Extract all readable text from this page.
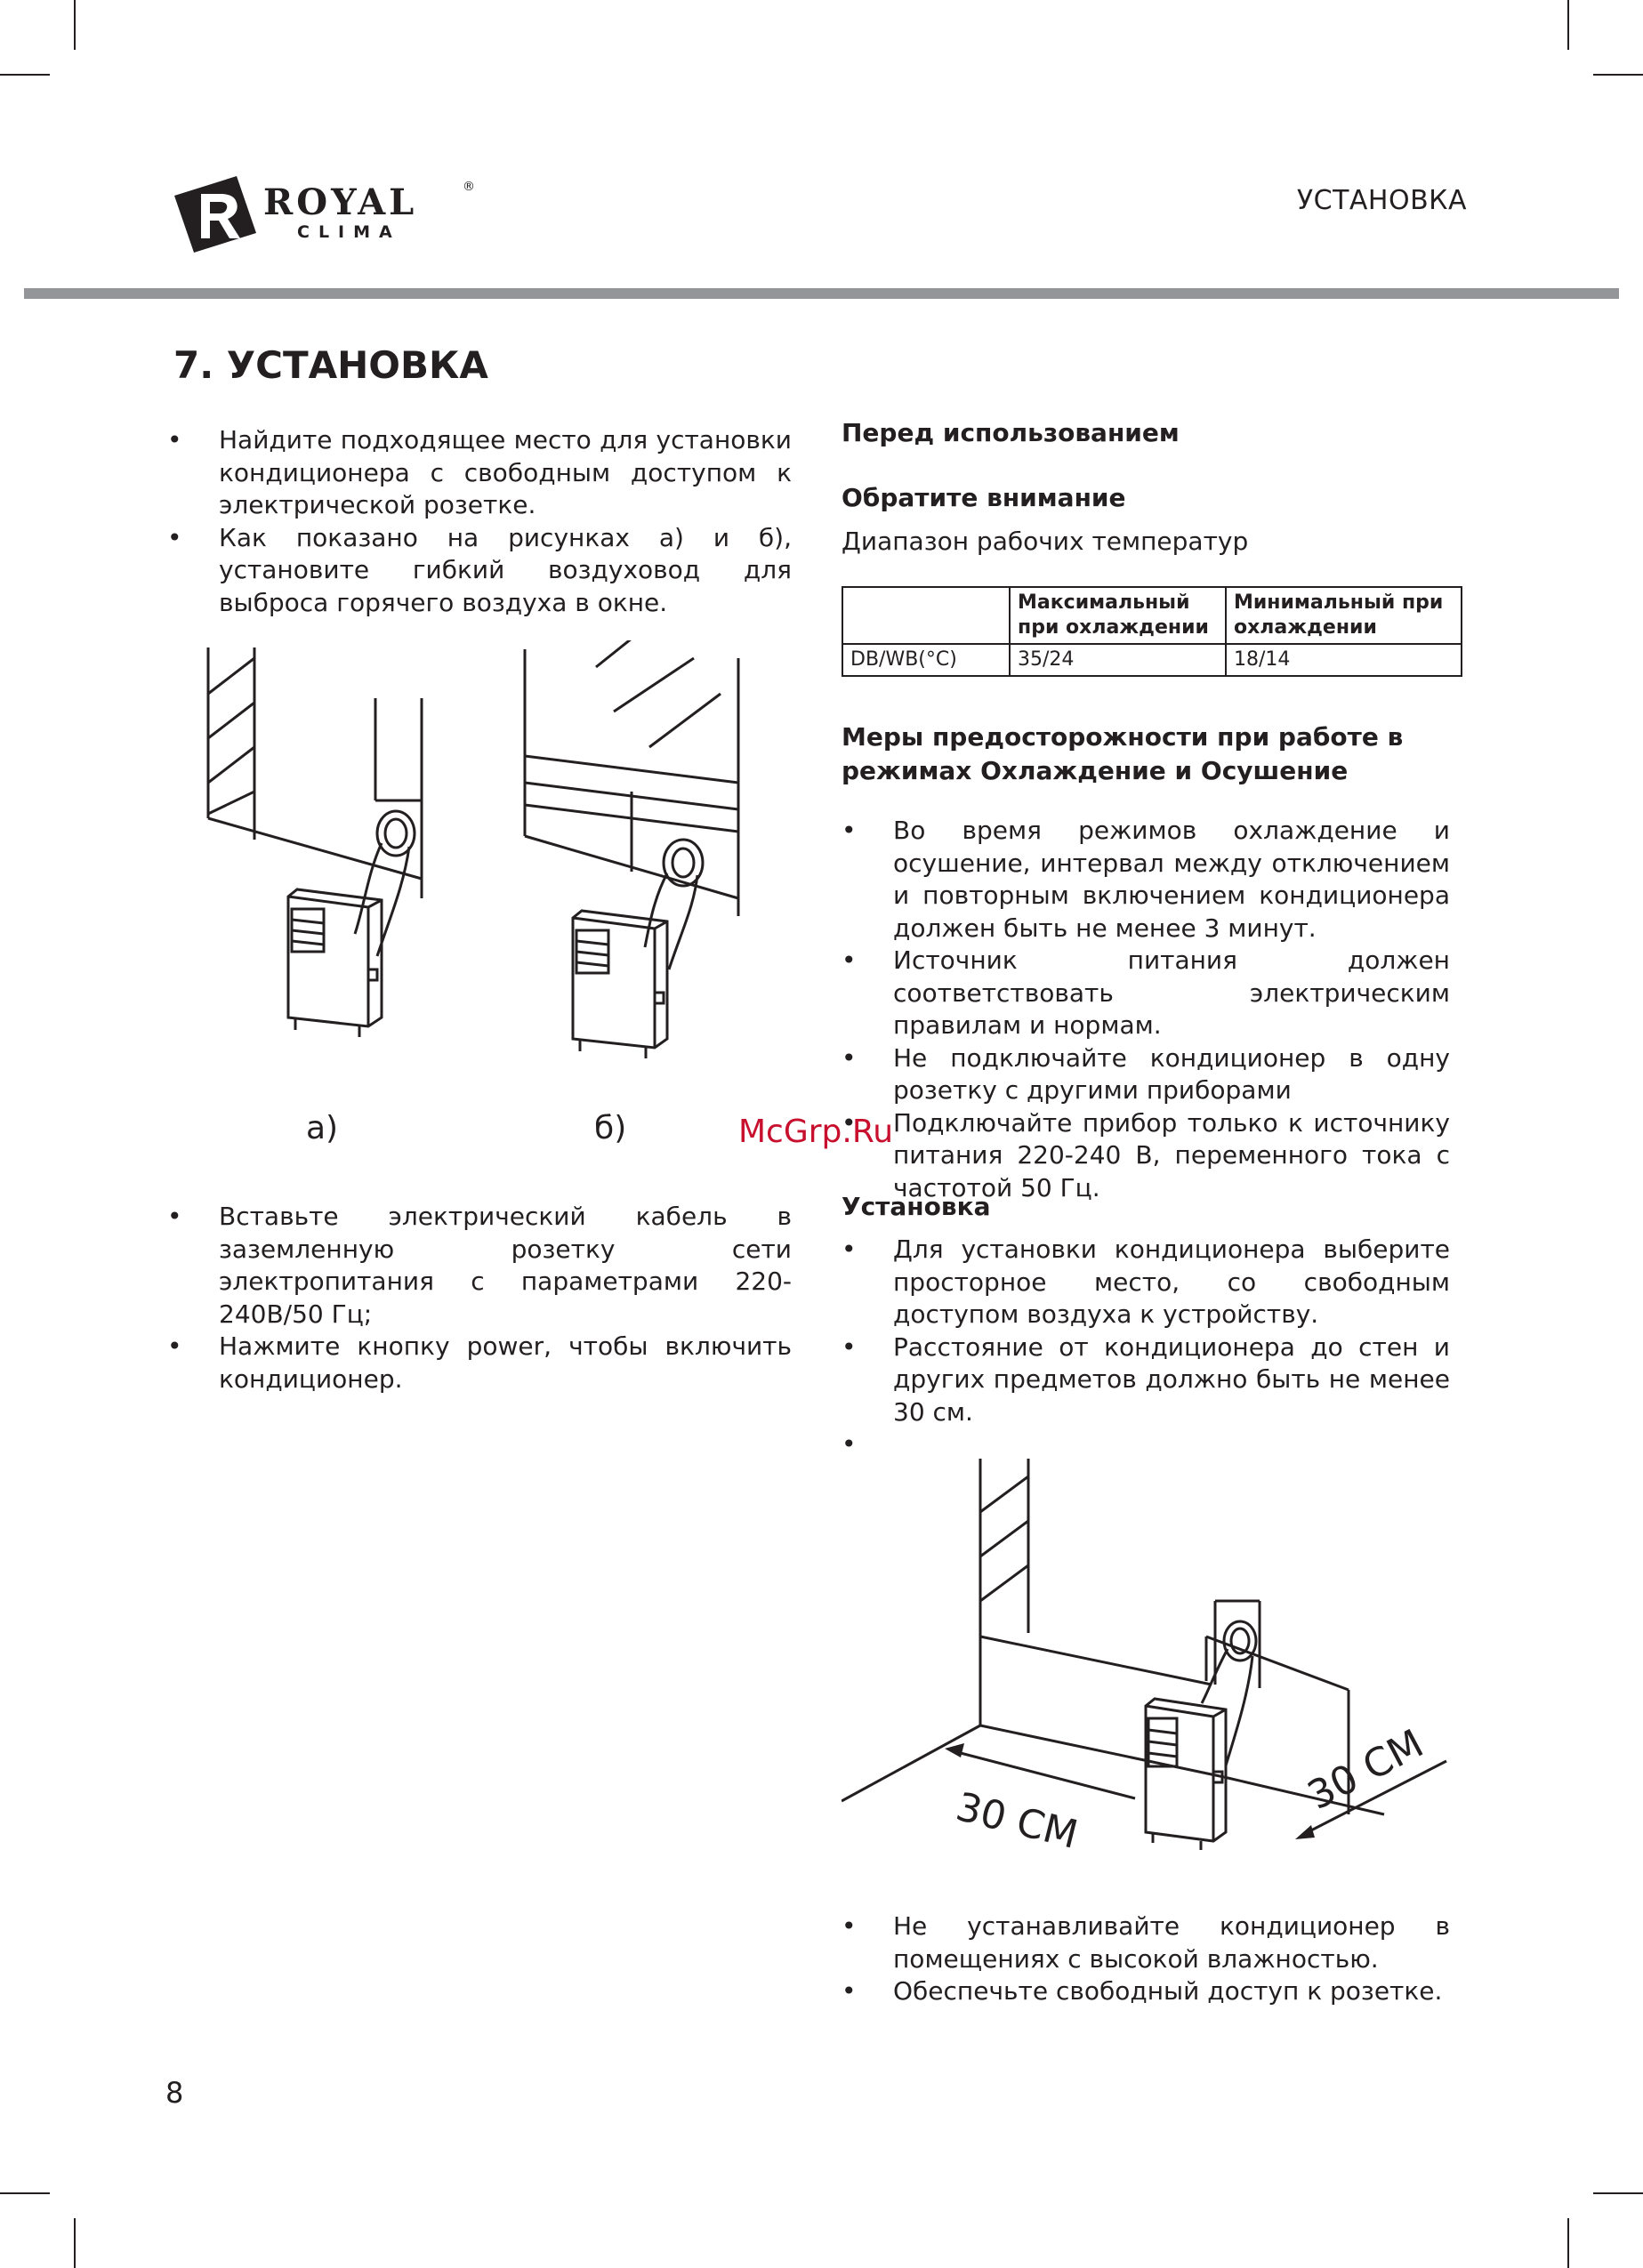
ROYAL	®
CLIMA
УСТАНОВКА
7. УСТАНОВКА
• Найдите подходящее место для установки кондиционера с свободным доступом к электрической розетке.
• Как показано на рисунках а) и б), установите гибкий воздуховод для выброса горячего воздуха в окне.
а)	б)
• Вставьте электрический кабель в заземленную розетку сети электропитания с параметрами 220-240В/50 Гц;
• Нажмите кнопку power, чтобы включить кондиционер.
Перед использованием
Обратите внимание
Диапазон рабочих температур
	Максимальный при охлаждении	Минимальный при охлаждении
DB/WB(°C)	35/24	18/14
Меры предосторожности при работе в режимах Охлаждение и Осушение
• Во время режимов охлаждение и осушение, интервал между отключением и повторным включением кондиционера должен быть не менее 3 минут.
• Источник питания должен соответствовать электрическим правилам и нормам.
• Не подключайте кондиционер в одну розетку с другими приборами
• Подключайте прибор только к источнику питания 220-240 В, переменного тока с частотой 50 Гц.
Установка
• Для установки кондиционера выберите просторное место, со свободным доступом воздуха к устройству.
• Расстояние от кондиционера до стен и других предметов должно быть не менее 30 см.
•
30 СМ
30 СМ
• Не устанавливайте кондиционер в помещениях с высокой влажностью.
• Обеспечьте свободный доступ к розетке.
McGrp.Ru
8
